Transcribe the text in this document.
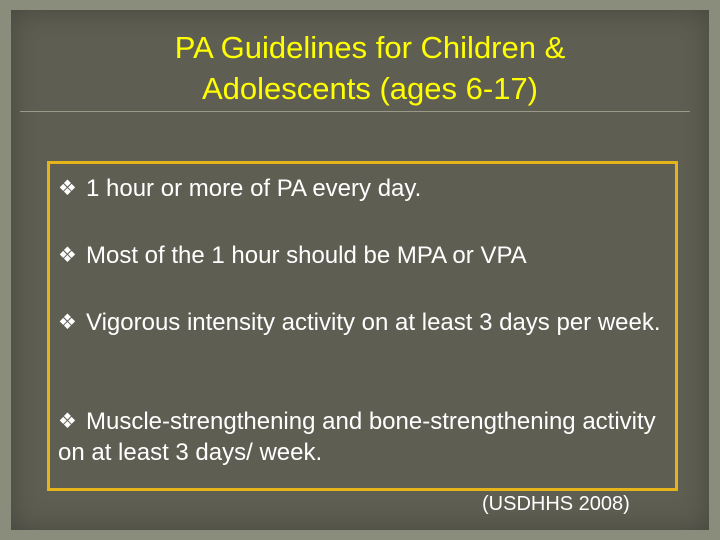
PA Guidelines for Children &
Adolescents (ages 6-17)
❖ 1 hour or more of PA every day.
❖ Most of the 1 hour should be MPA or VPA
❖ Vigorous intensity activity on at least 3 days per week.
❖ Muscle-strengthening and bone-strengthening activity on at least 3 days/ week.
(USDHHS 2008)
